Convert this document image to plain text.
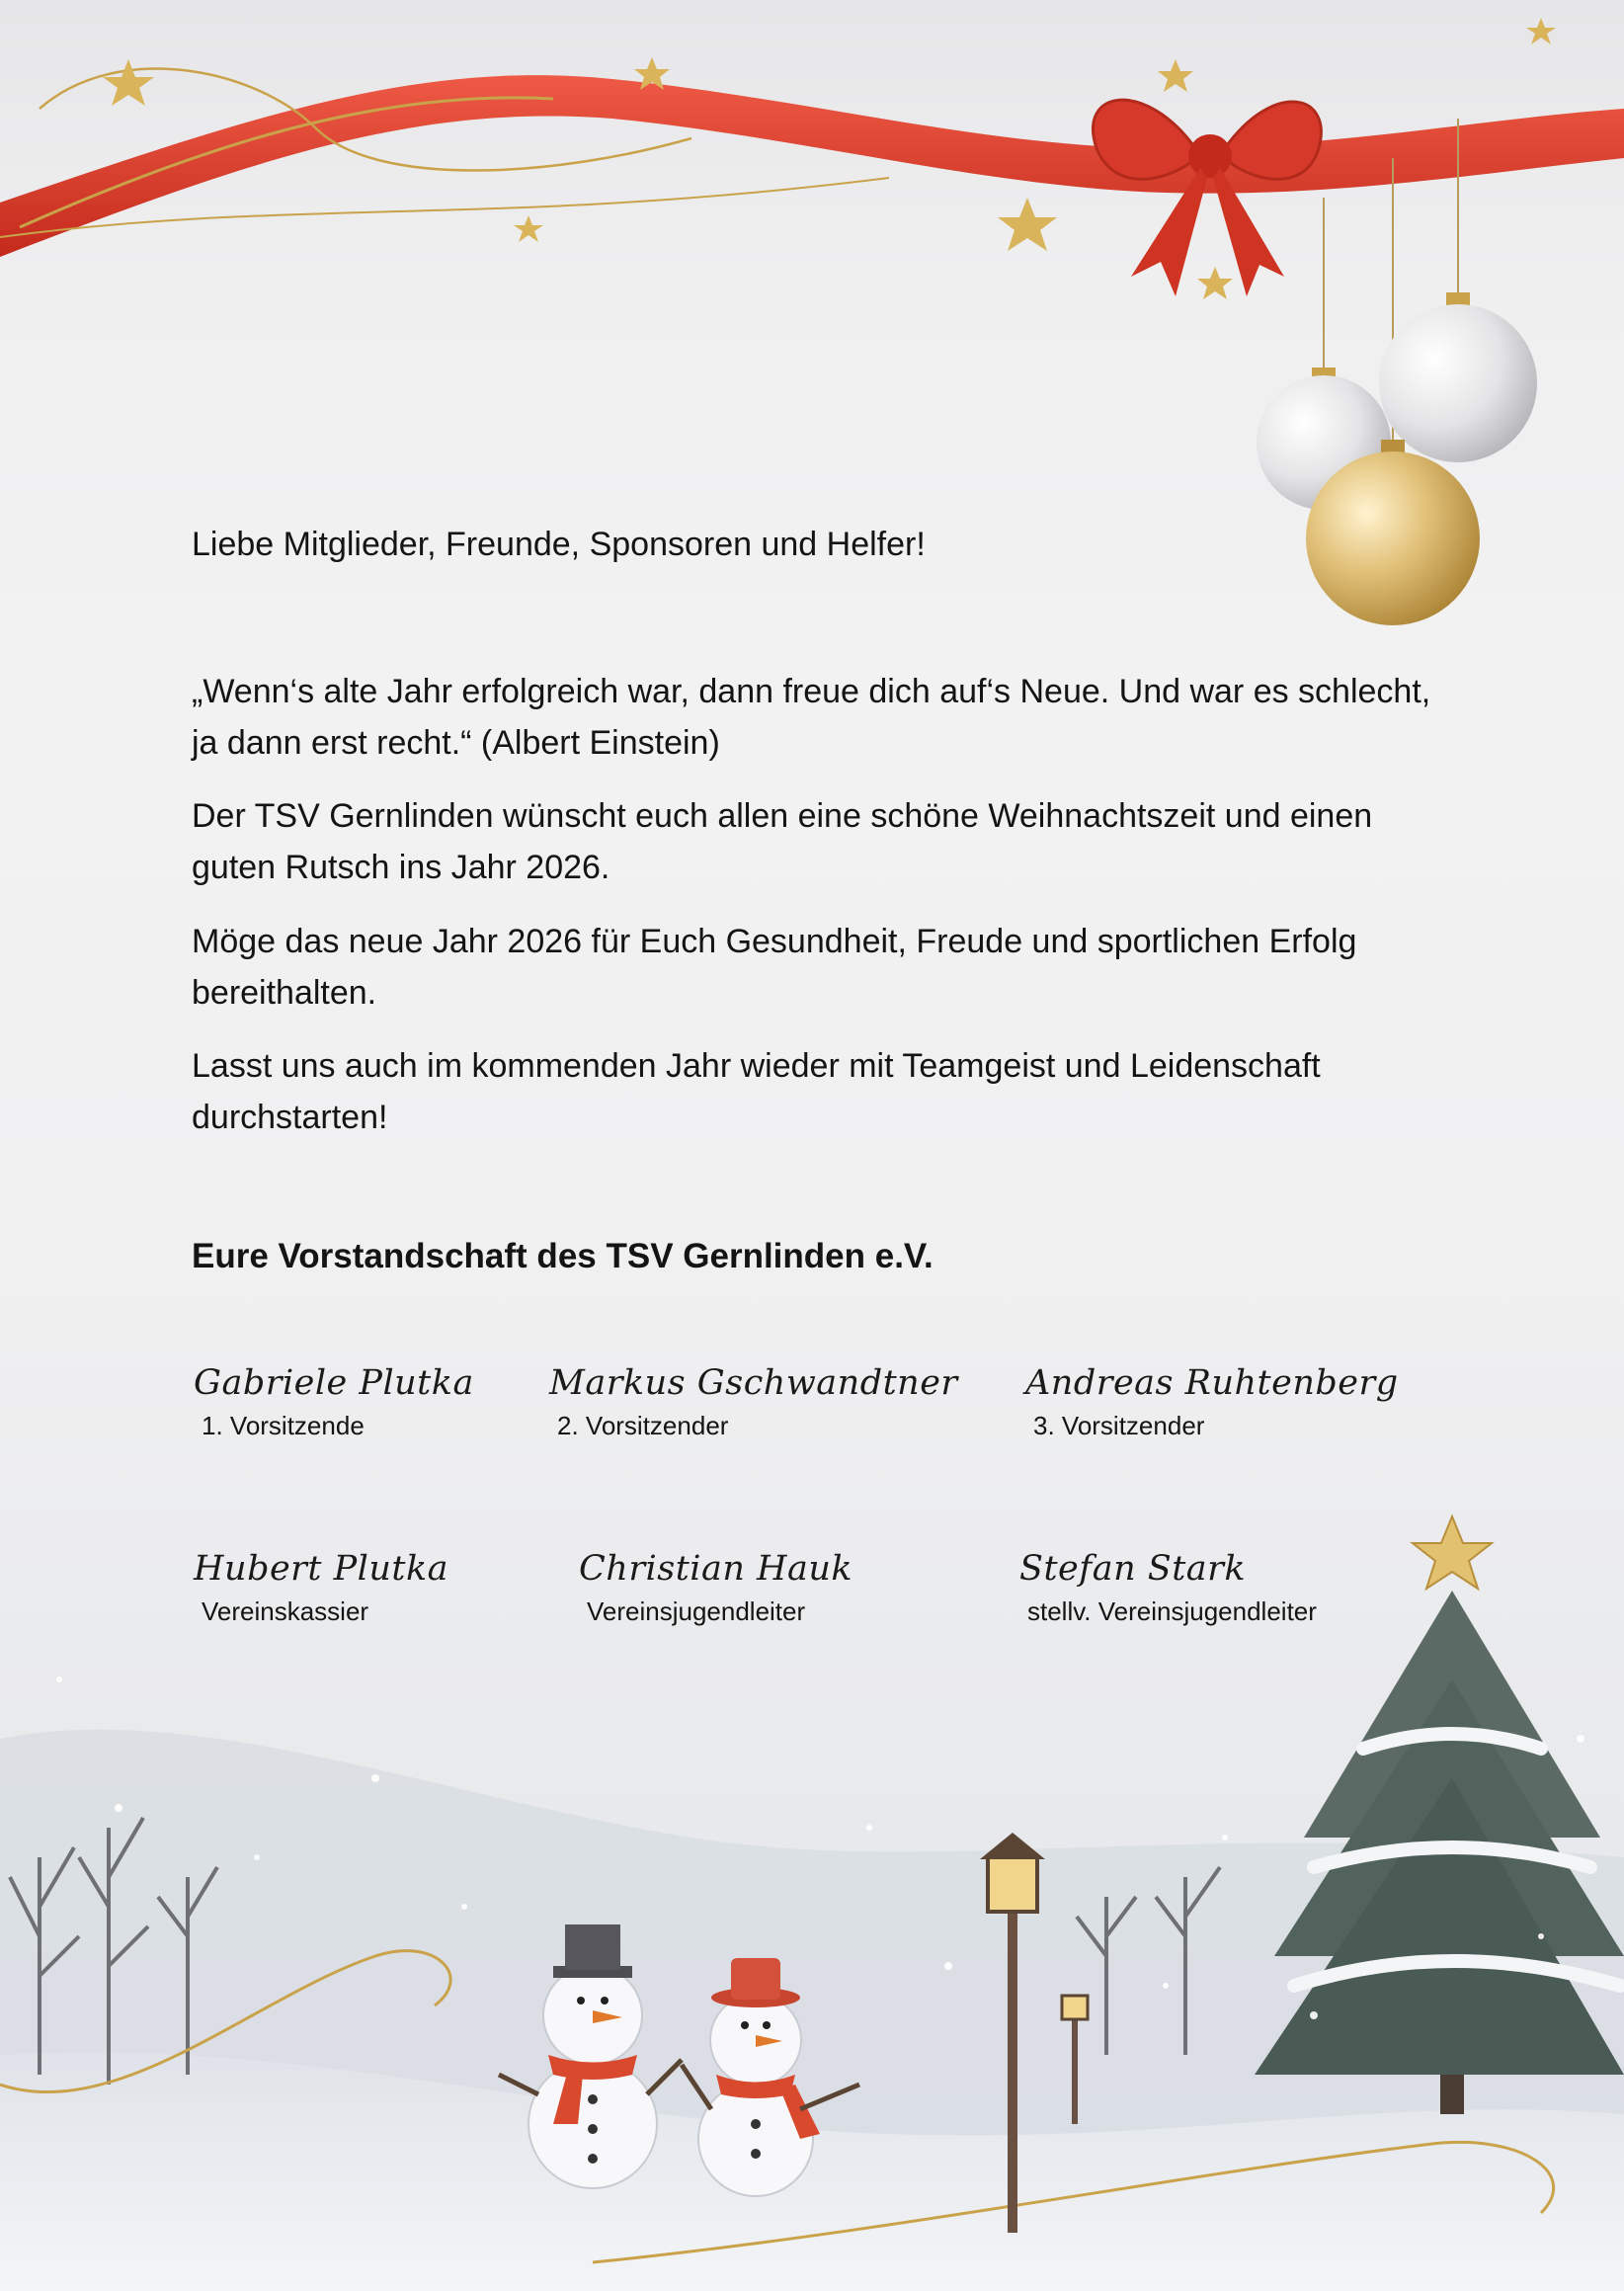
Liebe Mitglieder, Freunde, Sponsoren und Helfer!

„Wenn‘s alte Jahr erfolgreich war, dann freue dich auf‘s Neue. Und war es schlecht, ja dann erst recht.“ (Albert Einstein)

Der TSV Gernlinden wünscht euch allen eine schöne Weihnachtszeit und einen guten Rutsch ins Jahr 2026.

Möge das neue Jahr 2026 für Euch Gesundheit, Freude und sportlichen Erfolg bereithalten.

Lasst uns auch im kommenden Jahr wieder mit Teamgeist und Leidenschaft durchstarten!

Eure Vorstandschaft des TSV Gernlinden e.V.
Gabriele Plutka
1. Vorsitzende
Markus Gschwandtner
2. Vorsitzender
Andreas Ruhtenberg
3. Vorsitzender
Hubert Plutka
Vereinskassier
Christian Hauk
Vereinsjugendleiter
Stefan Stark
stellv. Vereinsjugendleiter
